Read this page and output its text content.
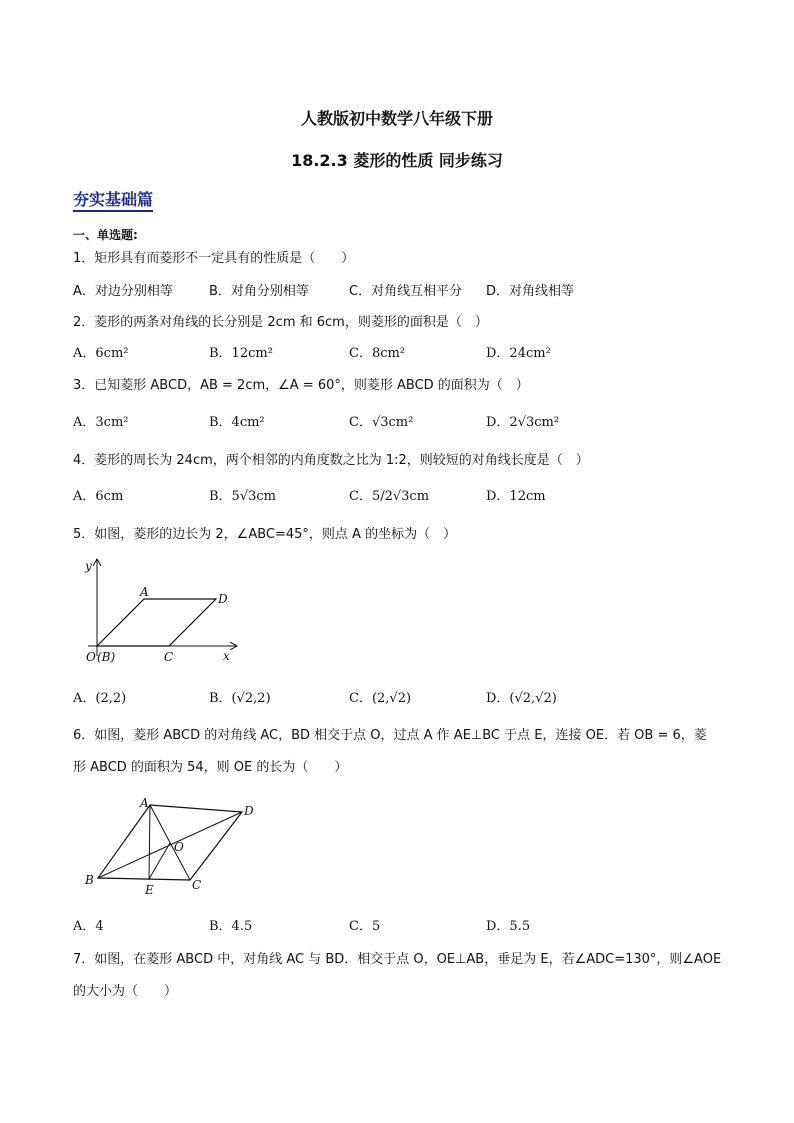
人教版初中数学八年级下册
18.2.3 菱形的性质 同步练习
夯实基础篇
一、单选题:
1．矩形具有而菱形不一定具有的性质是（　　）
A．对边分别相等	B．对角分别相等	C．对角线互相平分 D．对角线相等
2．菱形的两条对角线的长分别是 2cm 和 6cm，则菱形的面积是（　）
A．6cm²	B．12cm²	C．8cm²	D．24cm²
3．已知菱形 ABCD，AB = 2cm，∠A = 60°，则菱形 ABCD 的面积为（　）
A．3cm²	B．4cm²	C．√3cm²	D．2√3cm²
4．菱形的周长为 24cm，两个相邻的内角度数之比为 1:2，则较短的对角线长度是（　）
A．6cm	B．5√3cm	C．5/2√3cm	D．12cm
5．如图，菱形的边长为 2，∠ABC=45°，则点 A 的坐标为（　）
y
x
A	D
O (B)	C
A．(2,2)	B．(√2,2)	C．(2,√2)	D．(√2,√2)
6．如图，菱形 ABCD 的对角线 AC，BD 相交于点 O，过点 A 作 AE⊥BC 于点 E，连接 OE．若 OB = 6，菱
形 ABCD 的面积为 54，则 OE 的长为（　　）
A
D
O
B
E	C
A．4	B．4.5	C．5	D．5.5
7．如图，在菱形 ABCD 中，对角线 AC 与 BD．相交于点 O，OE⊥AB，垂足为 E，若∠ADC=130°，则∠AOE
的大小为（　　）
